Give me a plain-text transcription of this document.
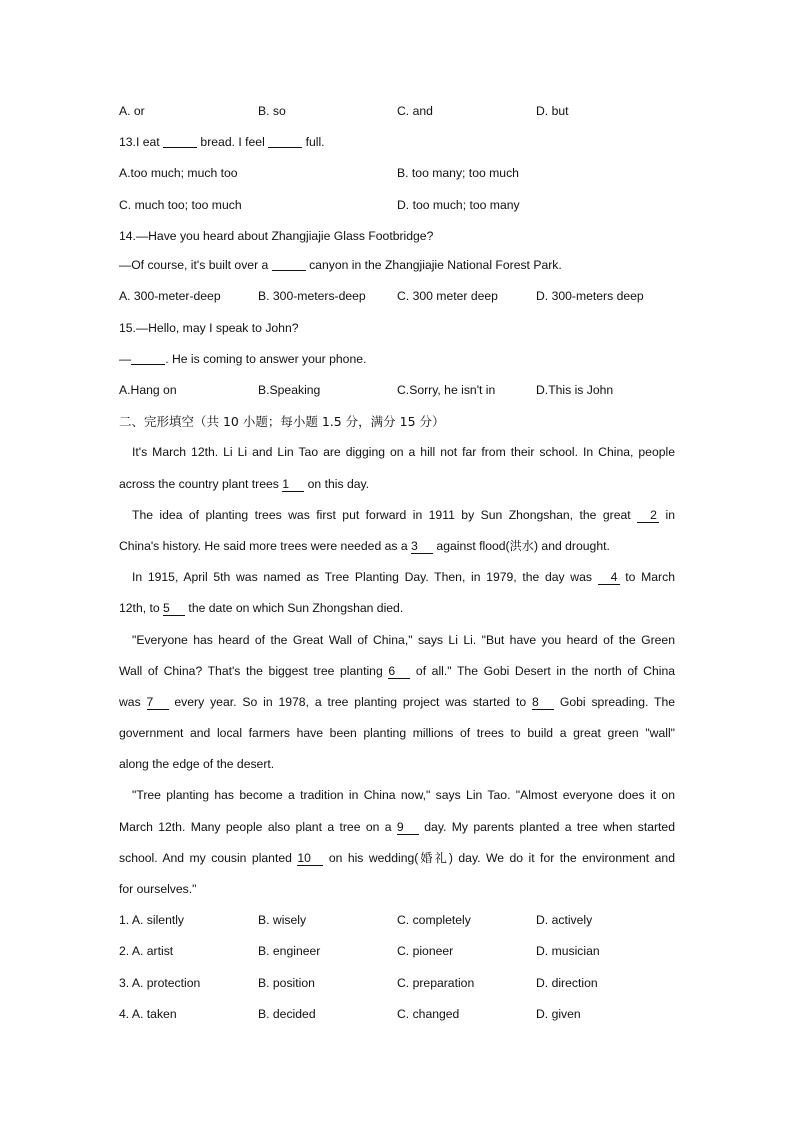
A. or	B. so	C. and	D. but
13.I eat	bread. I feel	full.
A.too much; much too	B. too many; too much
C. much too; too much	D. too much; too many
14.—Have you heard about Zhangjiajie Glass Footbridge?
—Of course, it's built over a	canyon in the Zhangjiajie National Forest Park.
A. 300-meter-deep	B. 300-meters-deep	C. 300 meter deep	D. 300-meters deep
15.—Hello, may I speak to John?
—	. He is coming to answer your phone.
A.Hang on	B.Speaking	C.Sorry, he isn't in	D.This is John
二、完形填空（共 10 小题；每小题 1.5 分，满分 15 分）
It's March 12th. Li Li and Lin Tao are digging on a hill not far from their school. In China, people
across the country plant trees 1 on this day.
The idea of planting trees was first put forward in 1911 by Sun Zhongshan, the great 2 in
China's history. He said more trees were needed as a 3 against flood(洪水) and drought.
In 1915, April 5th was named as Tree Planting Day. Then, in 1979, the day was 4 to March
12th, to 5 the date on which Sun Zhongshan died.
"Everyone has heard of the Great Wall of China," says Li Li. "But have you heard of the Green
Wall of China? That's the biggest tree planting 6 of all." The Gobi Desert in the north of China
was 7 every year. So in 1978, a tree planting project was started to 8 Gobi spreading. The
government and local farmers have been planting millions of trees to build a great green "wall"
along the edge of the desert.
"Tree planting has become a tradition in China now," says Lin Tao. "Almost everyone does it on
March 12th. Many people also plant a tree on a 9 day. My parents planted a tree when started
school. And my cousin planted 10 on his wedding(婚礼) day. We do it for the environment and
for ourselves."
1. A. silently	B. wisely	C. completely	D. actively
2. A. artist	B. engineer	C. pioneer	D. musician
3. A. protection	B. position	C. preparation	D. direction
4. A. taken	B. decided	C. changed	D. given
